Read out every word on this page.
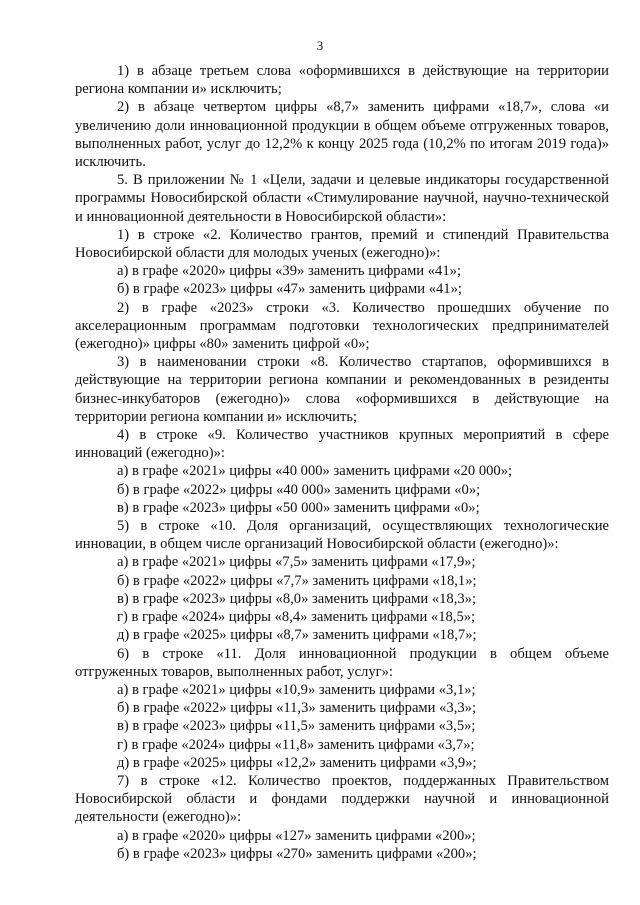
3

1) в абзаце третьем слова «оформившихся в действующие на территории региона компании и» исключить;

2) в абзаце четвертом цифры «8,7» заменить цифрами «18,7», слова «и увеличению доли инновационной продукции в общем объеме отгруженных товаров, выполненных работ, услуг до 12,2% к концу 2025 года (10,2% по итогам 2019 года)» исключить.

5. В приложении № 1 «Цели, задачи и целевые индикаторы государственной программы Новосибирской области «Стимулирование научной, научно-технической и инновационной деятельности в Новосибирской области»:

1) в строке «2. Количество грантов, премий и стипендий Правительства Новосибирской области для молодых ученых (ежегодно)»:

а) в графе «2020» цифры «39» заменить цифрами «41»;

б) в графе «2023» цифры «47» заменить цифрами «41»;

2) в графе «2023» строки «3. Количество прошедших обучение по акселерационным программам подготовки технологических предпринимателей (ежегодно)» цифры «80» заменить цифрой «0»;

3) в наименовании строки «8. Количество стартапов, оформившихся в действующие на территории региона компании и рекомендованных в резиденты бизнес-инкубаторов (ежегодно)» слова «оформившихся в действующие на территории региона компании и» исключить;

4) в строке «9. Количество участников крупных мероприятий в сфере инноваций (ежегодно)»:

а) в графе «2021» цифры «40 000» заменить цифрами «20 000»;

б) в графе «2022» цифры «40 000» заменить цифрами «0»;

в) в графе «2023» цифры «50 000» заменить цифрами «0»;

5) в строке «10. Доля организаций, осуществляющих технологические инновации, в общем числе организаций Новосибирской области (ежегодно)»:

а) в графе «2021» цифры «7,5» заменить цифрами «17,9»;

б) в графе «2022» цифры «7,7» заменить цифрами «18,1»;

в) в графе «2023» цифры «8,0» заменить цифрами «18,3»;

г) в графе «2024» цифры «8,4» заменить цифрами «18,5»;

д) в графе «2025» цифры «8,7» заменить цифрами «18,7»;

6) в строке «11. Доля инновационной продукции в общем объеме отгруженных товаров, выполненных работ, услуг»:

а) в графе «2021» цифры «10,9» заменить цифрами «3,1»;

б) в графе «2022» цифры «11,3» заменить цифрами «3,3»;

в) в графе «2023» цифры «11,5» заменить цифрами «3,5»;

г) в графе «2024» цифры «11,8» заменить цифрами «3,7»;

д) в графе «2025» цифры «12,2» заменить цифрами «3,9»;

7) в строке «12. Количество проектов, поддержанных Правительством Новосибирской области и фондами поддержки научной и инновационной деятельности (ежегодно)»:

а) в графе «2020» цифры «127» заменить цифрами «200»;

б) в графе «2023» цифры «270» заменить цифрами «200»;
